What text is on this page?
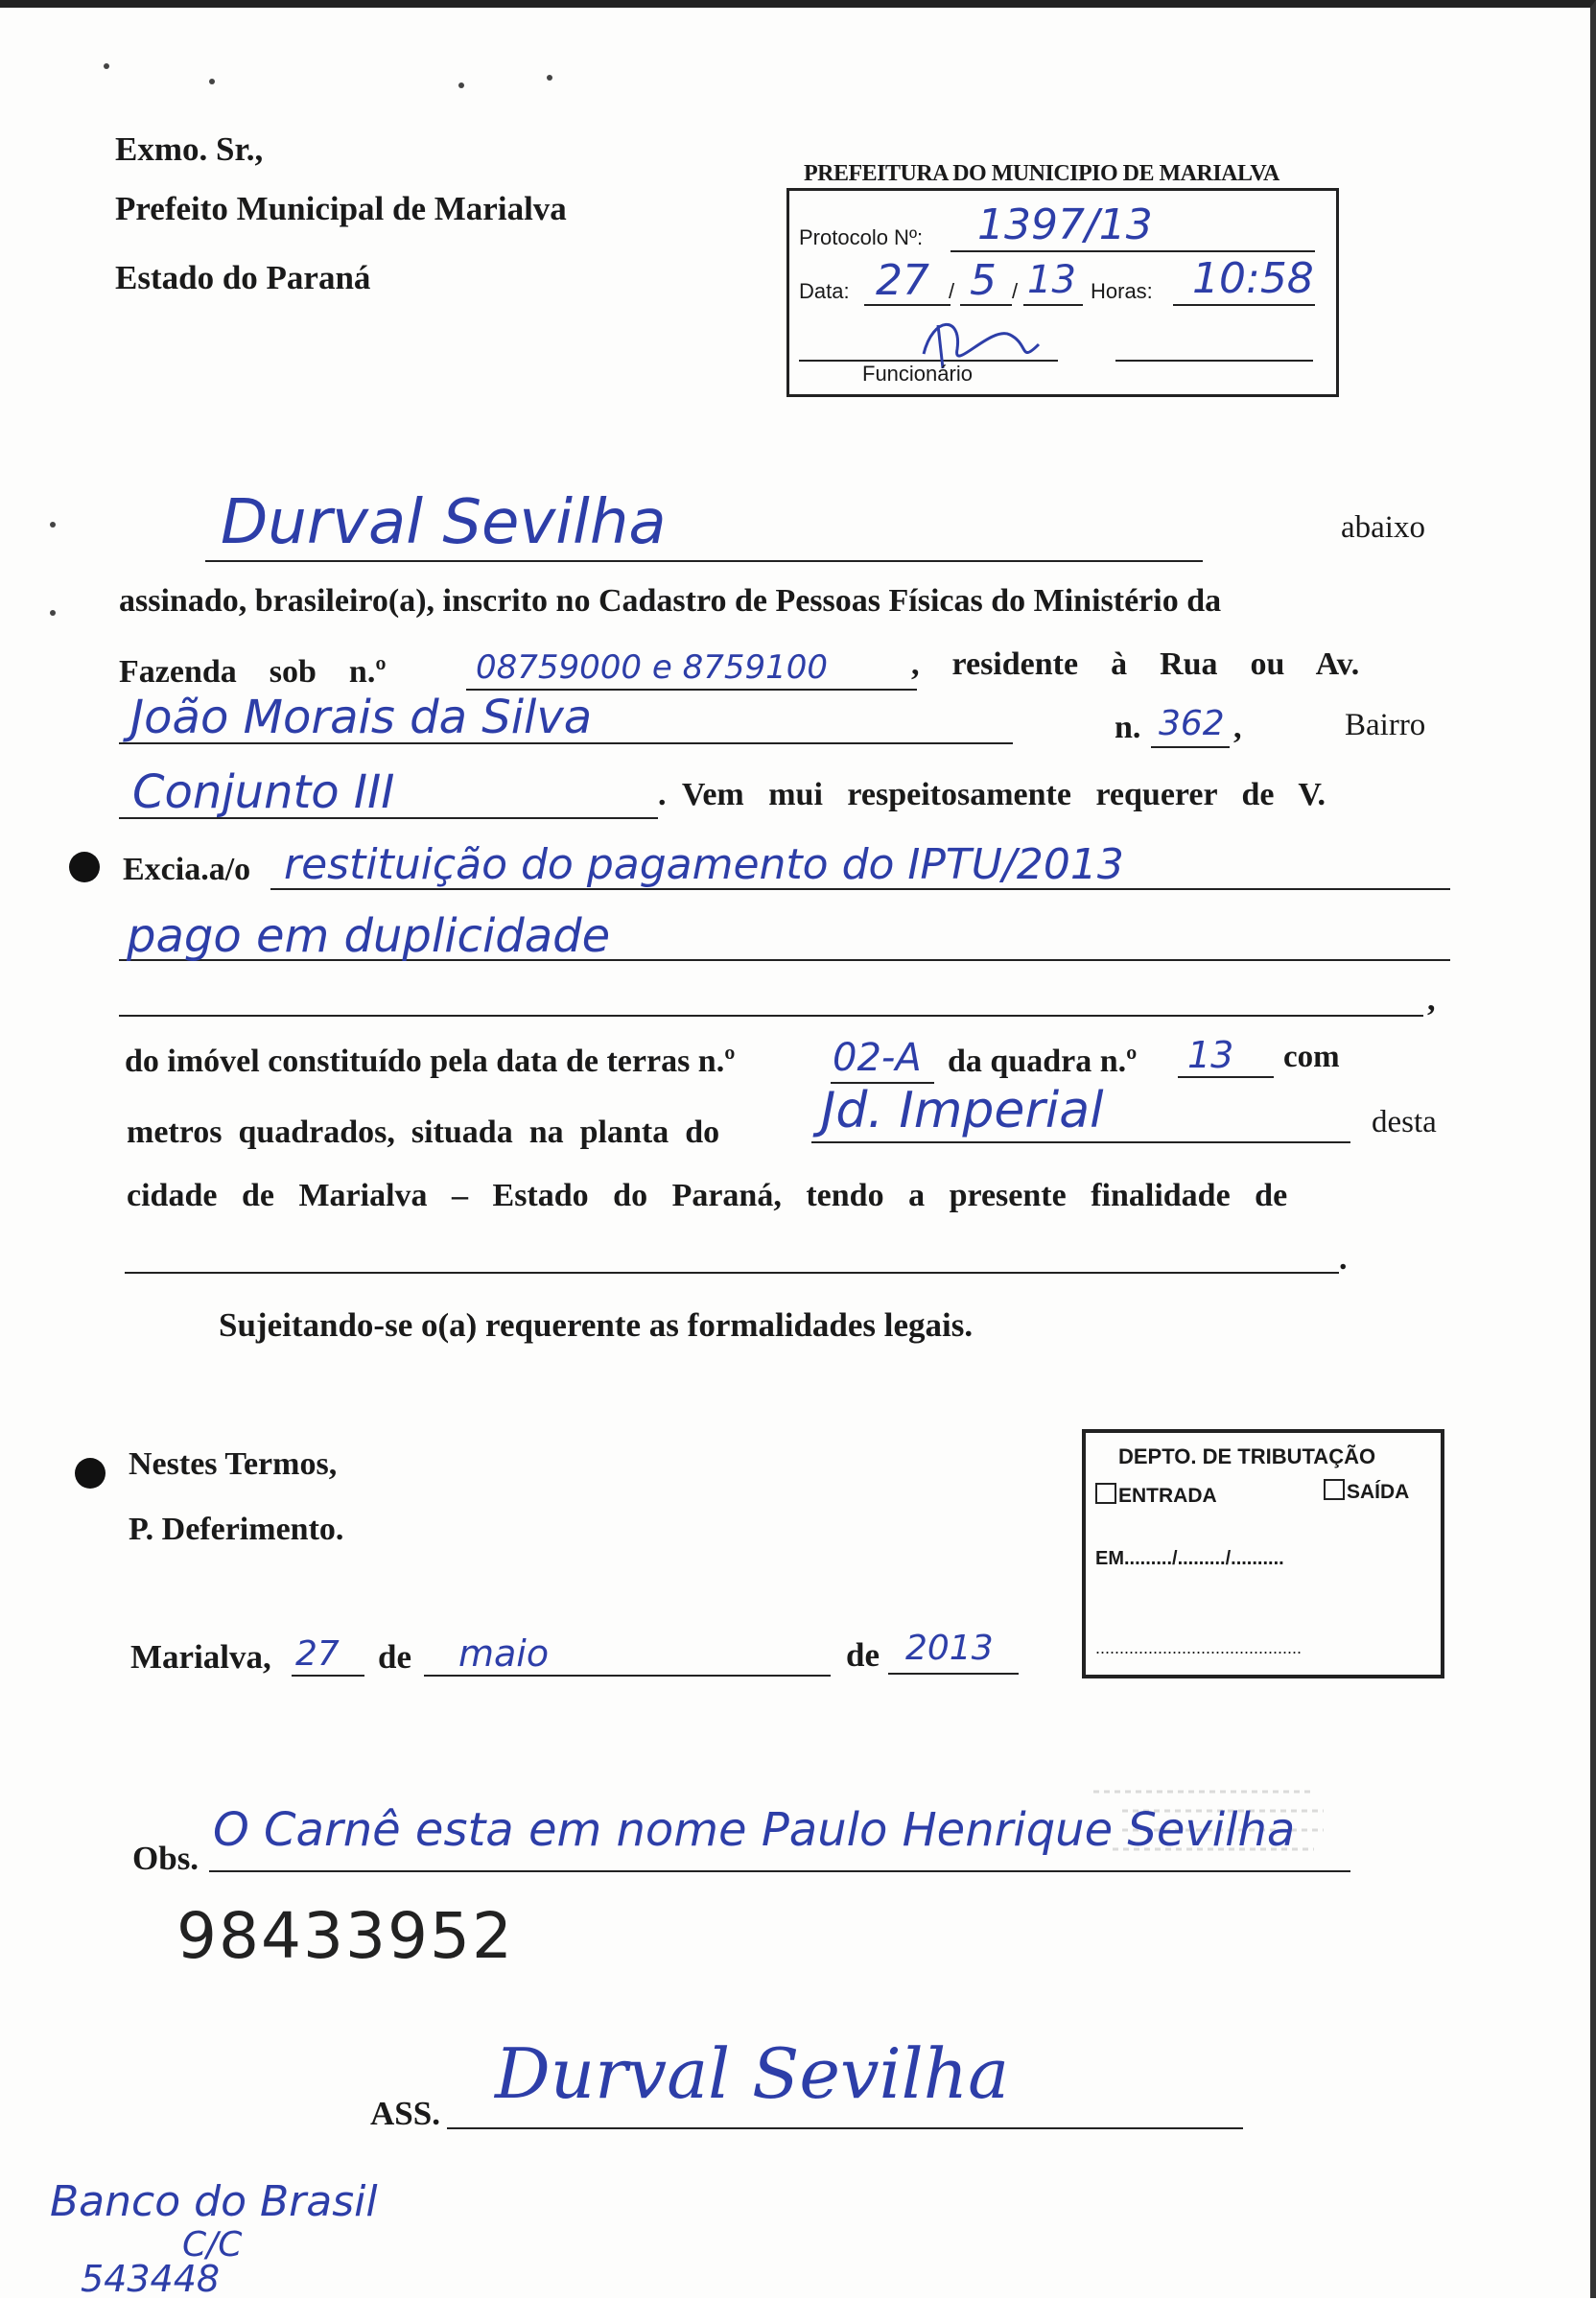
Exmo. Sr.,
Prefeito Municipal de Marialva
Estado do Paraná
PREFEITURA DO MUNICIPIO DE MARIALVA
Protocolo Nº: 1397/13
Data: 27 / 5 / 13 Horas: 10:58
Funcionário
Durval Sevilha	abaixo
assinado, brasileiro(a), inscrito no Cadastro de Pessoas Físicas do Ministério da
Fazenda    sob    n.º	08759000 e 8759100	,    residente    à    Rua    ou    Av.
João Morais da Silva	n. 362 ,	Bairro
Conjunto III	.  Vem   mui   respeitosamente   requerer   de   V.
Excia.a/o restituição do pagamento do IPTU/2013
pago em duplicidade
,
do imóvel constituído pela data de terras n.º	02-A da quadra n.º 13 com
metros  quadrados,  situada  na  planta  do Jd. Imperial	desta
cidade   de   Marialva   –   Estado   do   Paraná,   tendo   a   presente   finalidade   de
.
Sujeitando-se o(a) requerente as formalidades legais.
Nestes Termos,
P. Deferimento.
Marialva, 27 de maio	de 2013
DEPTO. DE TRIBUTAÇÃO
ENTRADA	SAÍDA
EM........./........./..........
...........................................
Obs.
O Carnê esta em nome Paulo Henrique Sevilha
98433952
ASS. Durval Sevilha
Banco do Brasil
C/C
543448
